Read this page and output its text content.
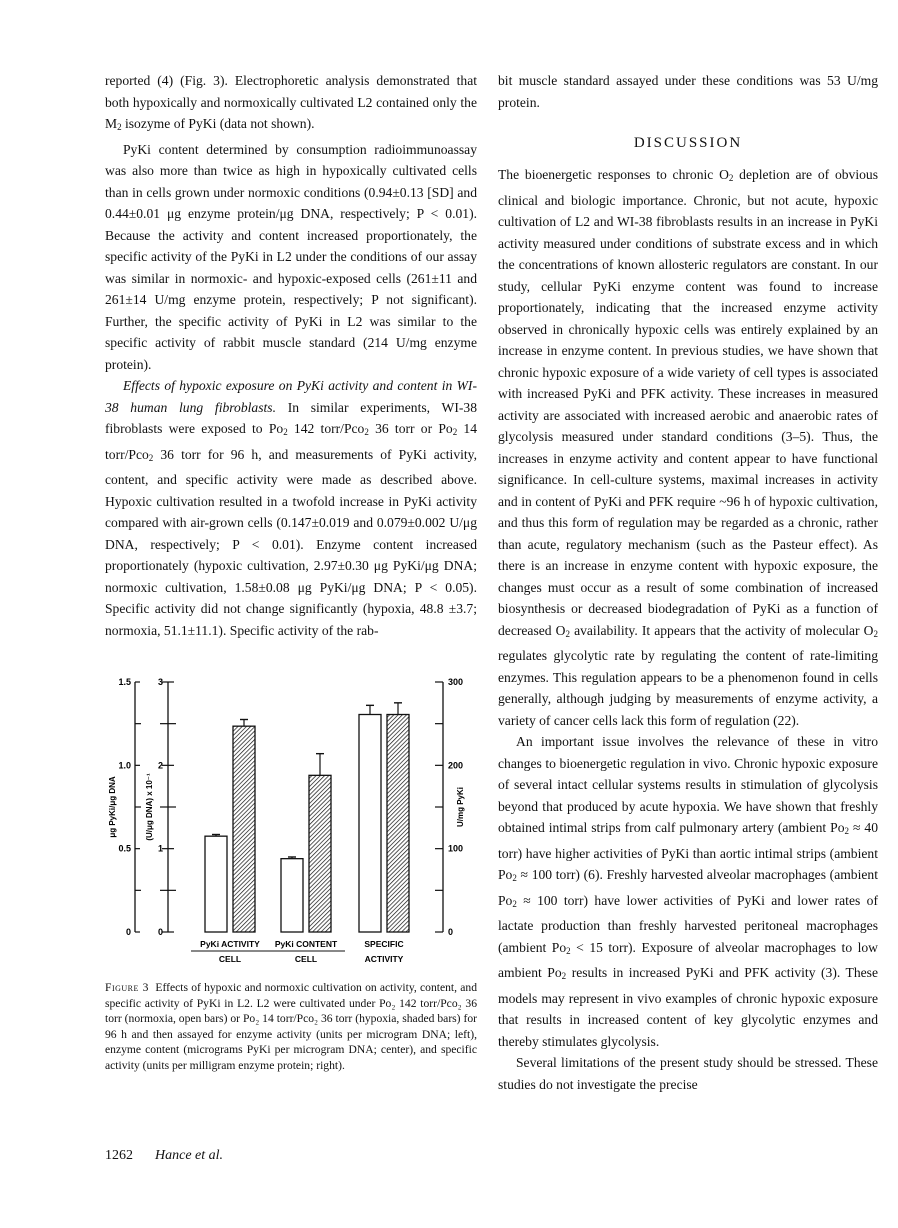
reported (4) (Fig. 3). Electrophoretic analysis demonstrated that both hypoxically and normoxically cultivated L2 contained only the $M_2$ isozyme of PyKi (data not shown).

PyKi content determined by consumption radioimmunoassay was also more than twice as high in hypoxically cultivated cells than in cells grown under normoxic conditions (0.94±0.13 [SD] and 0.44±0.01 μg enzyme protein/μg DNA, respectively; P < 0.01). Because the activity and content increased proportionately, the specific activity of the PyKi in L2 under the conditions of our assay was similar in normoxic- and hypoxic-exposed cells (261±11 and 261±14 U/mg enzyme protein, respectively; P not significant). Further, the specific activity of PyKi in L2 was similar to the specific activity of rabbit muscle standard (214 U/mg enzyme protein).

Effects of hypoxic exposure on PyKi activity and content in WI-38 human lung fibroblasts. In similar experiments, WI-38 fibroblasts were exposed to $Po_2$ 142 torr/Pco$_2$ 36 torr or $Po_2$ 14 torr/Pco$_2$ 36 torr for 96 h, and measurements of PyKi activity, content, and specific activity were made as described above. Hypoxic cultivation resulted in a twofold increase in PyKi activity compared with air-grown cells (0.147±0.019 and 0.079±0.002 U/μg DNA, respectively; P < 0.01). Enzyme content increased proportionately (hypoxic cultivation, 2.97±0.30 μg PyKi/μg DNA; normoxic cultivation, 1.58±0.08 μg PyKi/μg DNA; P < 0.05). Specific activity did not change significantly (hypoxia, 48.8 ±3.7; normoxia, 51.1±11.1). Specific activity of the rab-

bit muscle standard assayed under these conditions was 53 U/mg protein.

DISCUSSION

The bioenergetic responses to chronic $O_2$ depletion are of obvious clinical and biologic importance. Chronic, but not acute, hypoxic cultivation of L2 and WI-38 fibroblasts results in an increase in PyKi activity measured under conditions of substrate excess and in which the concentrations of known allosteric regulators are constant. In our study, cellular PyKi enzyme content was found to increase proportionately, indicating that the increased enzyme activity observed in chronically hypoxic cells was entirely explained by an increase in enzyme content. In previous studies, we have shown that chronic hypoxic exposure of a wide variety of cell types is associated with increased PyKi and PFK activity. These increases in measured activity are associated with increased aerobic and anaerobic rates of glycolysis measured under standard conditions (3–5). Thus, the increases in enzyme activity and content appear to have functional significance. In cell-culture systems, maximal increases in activity and in content of PyKi and PFK require ~96 h of hypoxic cultivation, and thus this form of regulation may be regarded as a chronic, rather than acute, regulatory mechanism (such as the Pasteur effect). As there is an increase in enzyme content with hypoxic exposure, the changes must occur as a result of some combination of increased biosynthesis or decreased biodegradation of PyKi as a function of decreased $O_2$ availability. It appears that the activity of molecular $O_2$ regulates glycolytic rate by regulating the content of rate-limiting enzymes. This regulation appears to be a phenomenon found in cells generally, although judging by measurements of enzyme activity, a variety of cancer cells lack this form of regulation (22).

An important issue involves the relevance of these in vitro changes to bioenergetic regulation in vivo. Chronic hypoxic exposure of several intact cellular systems results in stimulation of glycolysis beyond that produced by acute hypoxia. We have shown that freshly obtained intimal strips from calf pulmonary artery (ambient $Po_2 \approx 40$ torr) have higher activities of PyKi than aortic intimal strips (ambient $Po_2 \approx 100$ torr) (6). Freshly harvested alveolar macrophages (ambient $Po_2 \approx 100$ torr) have lower activities of PyKi and lower rates of lactate production than freshly harvested peritoneal macrophages (ambient $Po_2 < 15$ torr). Exposure of alveolar macrophages to low ambient $Po_2$ results in increased PyKi and PFK activity (3). These models may represent in vivo examples of chronic hypoxic exposure that results in increased content of key glycolytic enzymes and thereby stimulates glycolysis.

Several limitations of the present study should be stressed. These studies do not investigate the precise

0
0.5
1.0
1.5
0
1
2
3
0
100
200
300
μg PyKi/μg DNA	(U/μg DNA) x 10⁻¹	U/mg PyKi
PyKi ACTIVITY
CELL
PyKi CONTENT
CELL
SPECIFIC
ACTIVITY
Figure 3 Effects of hypoxic and normoxic cultivation on activity, content, and specific activity of PyKi in L2. L2 were cultivated under Po₂ 142 torr/Pco₂ 36 torr (normoxia, open bars) or Po₂ 14 torr/Pco₂ 36 torr (hypoxia, shaded bars) for 96 h and then assayed for enzyme activity (units per microgram DNA; left), enzyme content (micrograms PyKi per microgram DNA; center), and specific activity (units per milligram enzyme protein; right).
1262 Hance et al.
